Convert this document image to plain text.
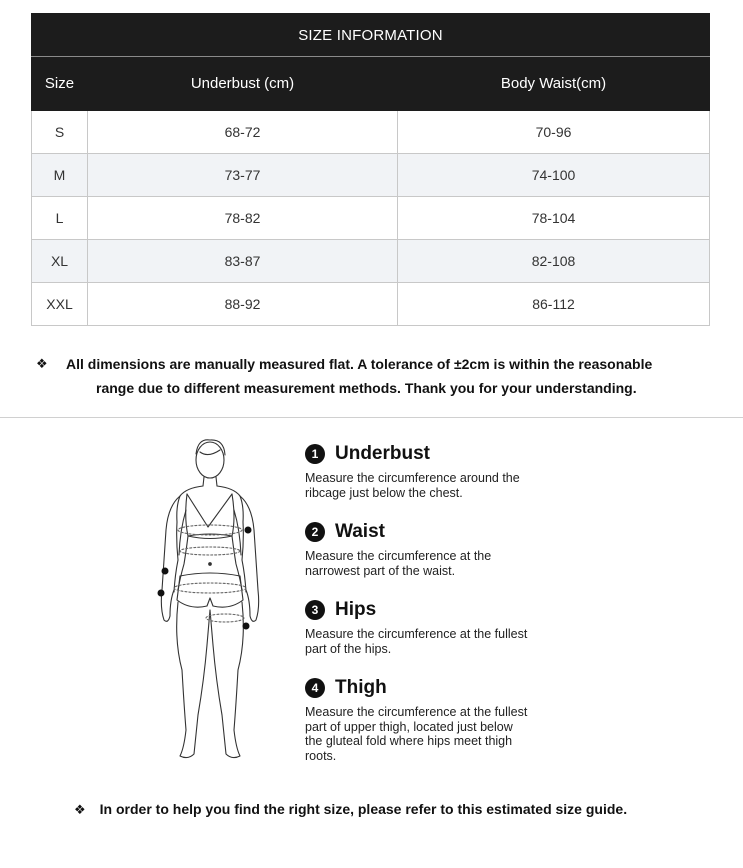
SIZE INFORMATION		
Size	Underbust (cm)	Body Waist(cm)
S	68-72	70-96
M	73-77	74-100
L	78-82	78-104
XL	83-87	82-108
XXL	88-92	86-112
❖ All dimensions are manually measured flat. A tolerance of ±2cm is within the reasonable
range due to different measurement methods. Thank you for your understanding.
1 Underbust
Measure the circumference around the ribcage just below the chest.
2 Waist
Measure the circumference at the narrowest part of the waist.
3 Hips
Measure the circumference at the fullest part of the hips.
4 Thigh
Measure the circumference at the fullest part of upper thigh, located just below the gluteal fold where hips meet thigh roots.
❖ In order to help you find the right size, please refer to this estimated size guide.
